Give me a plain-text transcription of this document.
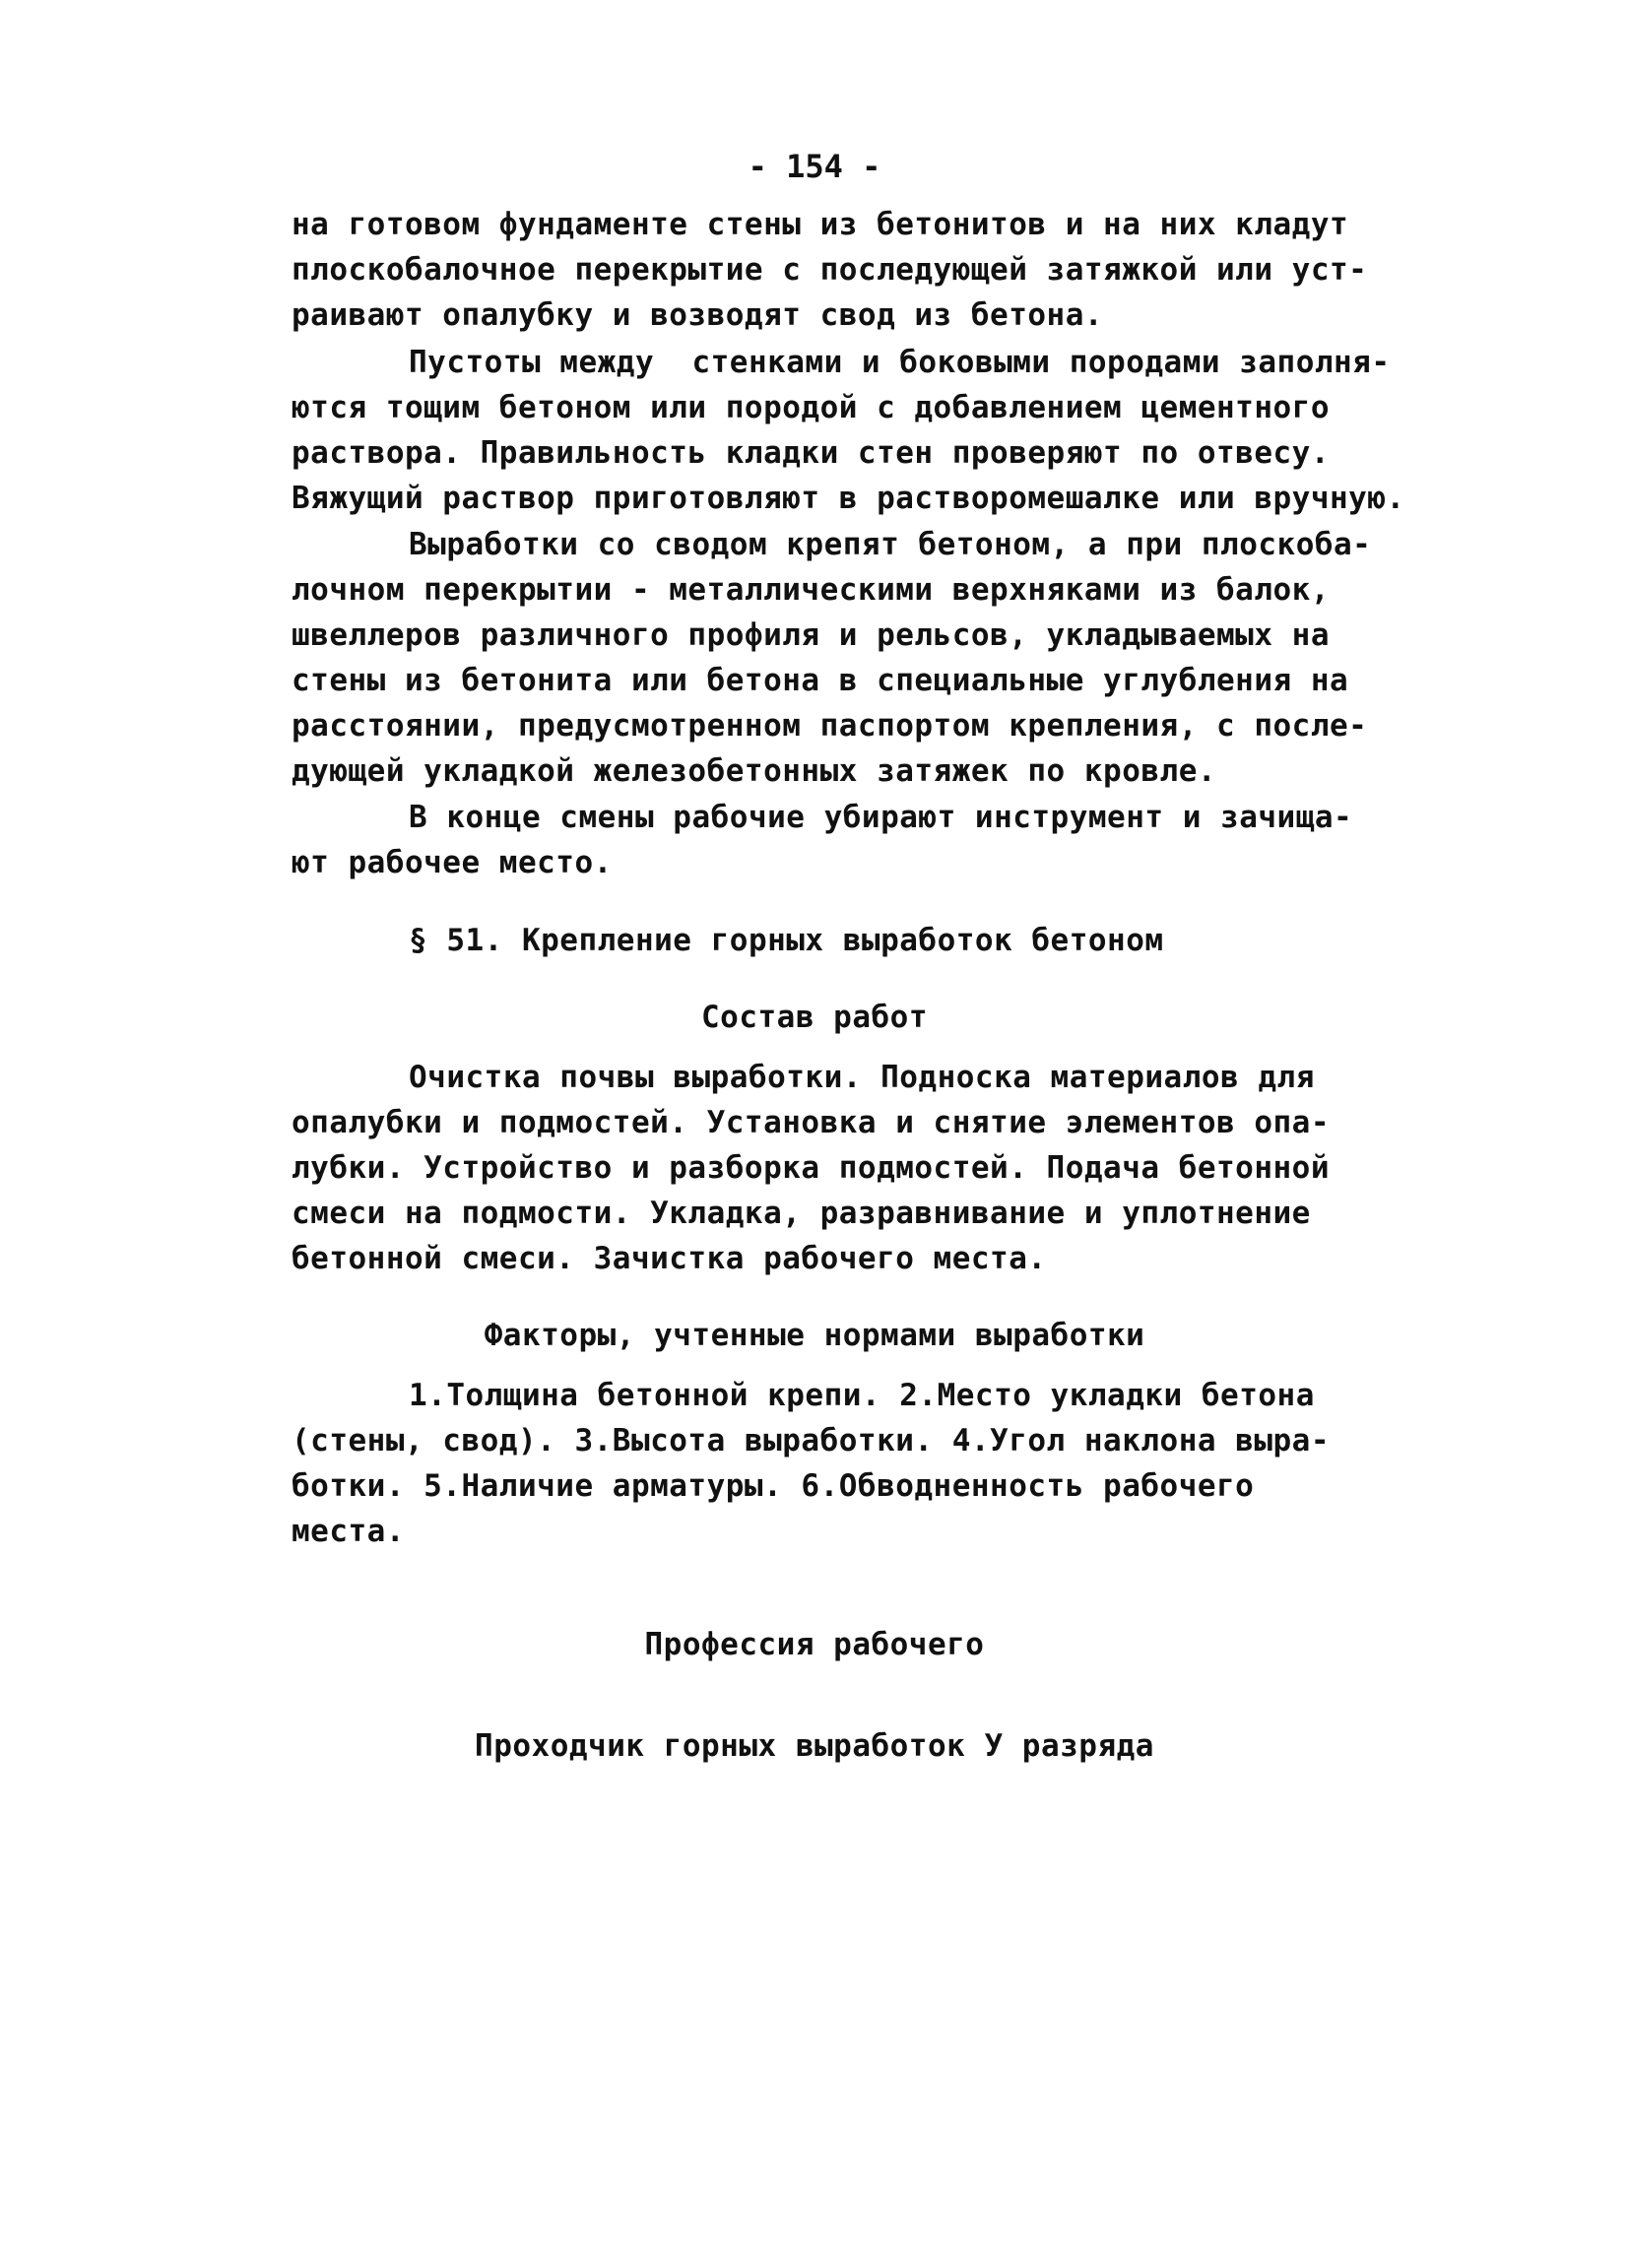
- 154 -
на готовом фундаменте стены из бетонитов и на них кладут
плоскобалочное перекрытие с последующей затяжкой или уст-
раивают опалубку и возводят свод из бетона.
Пустоты между  стенками и боковыми породами заполня-
ются тощим бетоном или породой с добавлением цементного
раствора. Правильность кладки стен проверяют по отвесу.
Вяжущий раствор приготовляют в растворомешалке или вручную.
Выработки со сводом крепят бетоном, а при плоскоба-
лочном перекрытии - металлическими верхняками из балок,
швеллеров различного профиля и рельсов, укладываемых на
стены из бетонита или бетона в специальные углубления на
расстоянии, предусмотренном паспортом крепления, с после-
дующей укладкой железобетонных затяжек по кровле.
В конце смены рабочие убирают инструмент и зачища-
ют рабочее место.
§ 51. Крепление горных выработок бетоном
Состав работ
Очистка почвы выработки. Подноска материалов для
опалубки и подмостей. Установка и снятие элементов опа-
лубки. Устройство и разборка подмостей. Подача бетонной
смеси на подмости. Укладка, разравнивание и уплотнение
бетонной смеси. Зачистка рабочего места.
Факторы, учтенные нормами выработки
1.Толщина бетонной крепи. 2.Место укладки бетона
(стены, свод). 3.Высота выработки. 4.Угол наклона выра-
ботки. 5.Наличие арматуры. 6.Обводненность рабочего
места.
Профессия рабочего
Проходчик горных выработок У разряда
